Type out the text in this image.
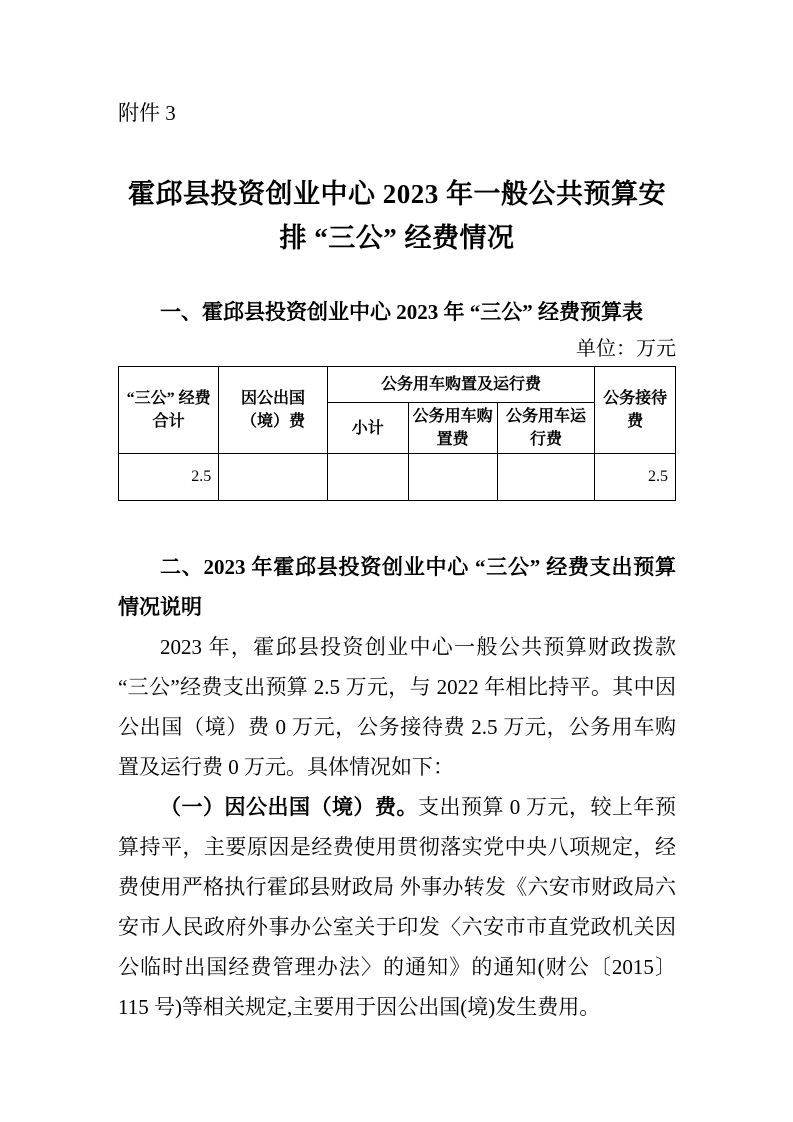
附件 3
霍邱县投资创业中心 2023 年一般公共预算安排 “三公” 经费情况
一、霍邱县投资创业中心 2023 年 “三公” 经费预算表
单位：万元
“三公” 经费合计	因公出国（境）费	公务用车购置及运行费			公务接待费
		小计	公务用车购置费	公务用车运行费	
2.5					2.5
二、2023 年霍邱县投资创业中心 “三公” 经费支出预算情况说明

2023 年，霍邱县投资创业中心一般公共预算财政拨款“三公”经费支出预算 2.5 万元，与 2022 年相比持平。其中因公出国（境）费 0 万元，公务接待费 2.5 万元，公务用车购置及运行费 0 万元。具体情况如下：

（一）因公出国（境）费。支出预算 0 万元，较上年预算持平，主要原因是经费使用贯彻落实党中央八项规定，经费使用严格执行霍邱县财政局 外事办转发《六安市财政局六安市人民政府外事办公室关于印发〈六安市市直党政机关因公临时出国经费管理办法〉的通知》的通知(财公〔2015〕115 号)等相关规定,主要用于因公出国(境)发生费用。
